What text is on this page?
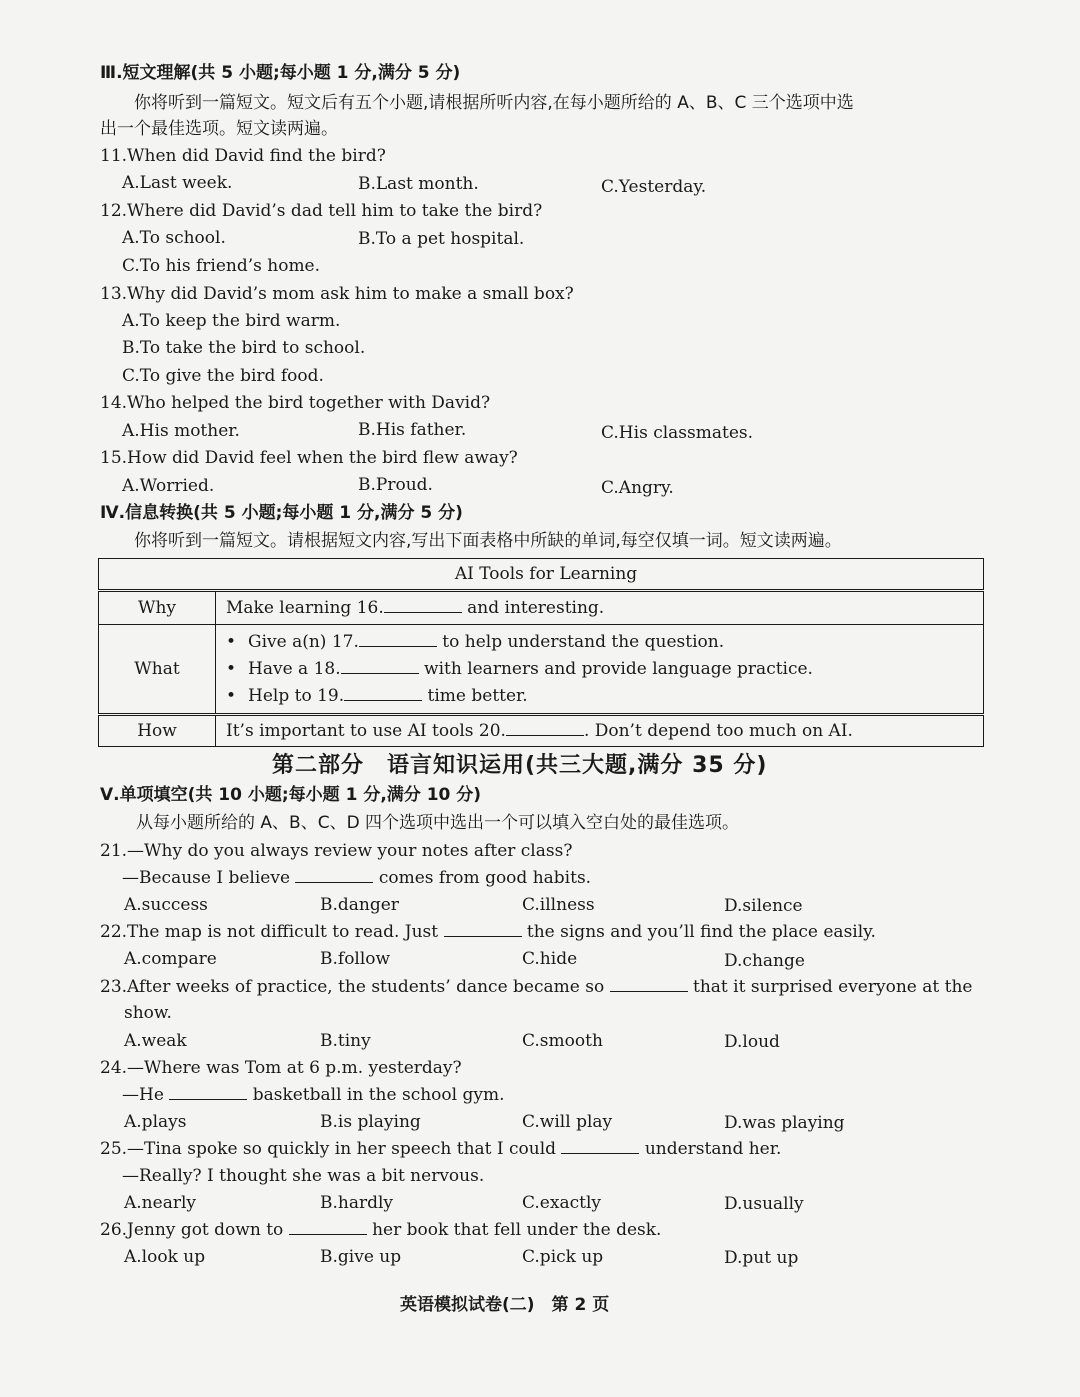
Ⅲ.短文理解(共 5 小题;每小题 1 分,满分 5 分)
你将听到一篇短文。短文后有五个小题,请根据所听内容,在每小题所给的 A、B、C 三个选项中选
出一个最佳选项。短文读两遍。
11.When did David find the bird?
A.Last week.	B.Last month.	C.Yesterday.
12.Where did David’s dad tell him to take the bird?
A.To school.	B.To a pet hospital.
C.To his friend’s home.
13.Why did David’s mom ask him to make a small box?
A.To keep the bird warm.
B.To take the bird to school.
C.To give the bird food.
14.Who helped the bird together with David?
A.His mother.	B.His father.	C.His classmates.
15.How did David feel when the bird flew away?
A.Worried.	B.Proud.	C.Angry.
Ⅳ.信息转换(共 5 小题;每小题 1 分,满分 5 分)
你将听到一篇短文。请根据短文内容,写出下面表格中所缺的单词,每空仅填一词。短文读两遍。
AI Tools for Learning	
Why	Make learning 16. and interesting.
What	• Give a(n) 17. to help understand the question.
• Have a 18. with learners and provide language practice.
• Help to 19. time better.

How	It’s important to use AI tools 20. . Don’t depend too much on AI.
第二部分　语言知识运用(共三大题,满分 35 分)
Ⅴ.单项填空(共 10 小题;每小题 1 分,满分 10 分)
从每小题所给的 A、B、C、D 四个选项中选出一个可以填入空白处的最佳选项。
21.—Why do you always review your notes after class?
—Because I believe	comes from good habits.
A.success	B.danger	C.illness	D.silence
22.The map is not difficult to read. Just	the signs and you’ll find the place easily.
A.compare	B.follow	C.hide	D.change
23.After weeks of practice, the students’ dance became so	that it surprised everyone at the
show.
A.weak	B.tiny	C.smooth	D.loud
24.—Where was Tom at 6 p.m. yesterday?
—He	basketball in the school gym.
A.plays	B.is playing	C.will play	D.was playing
25.—Tina spoke so quickly in her speech that I could	understand her.
—Really? I thought she was a bit nervous.
A.nearly	B.hardly	C.exactly	D.usually
26.Jenny got down to	her book that fell under the desk.
A.look up	B.give up	C.pick up	D.put up
英语模拟试卷(二)　第 2 页
